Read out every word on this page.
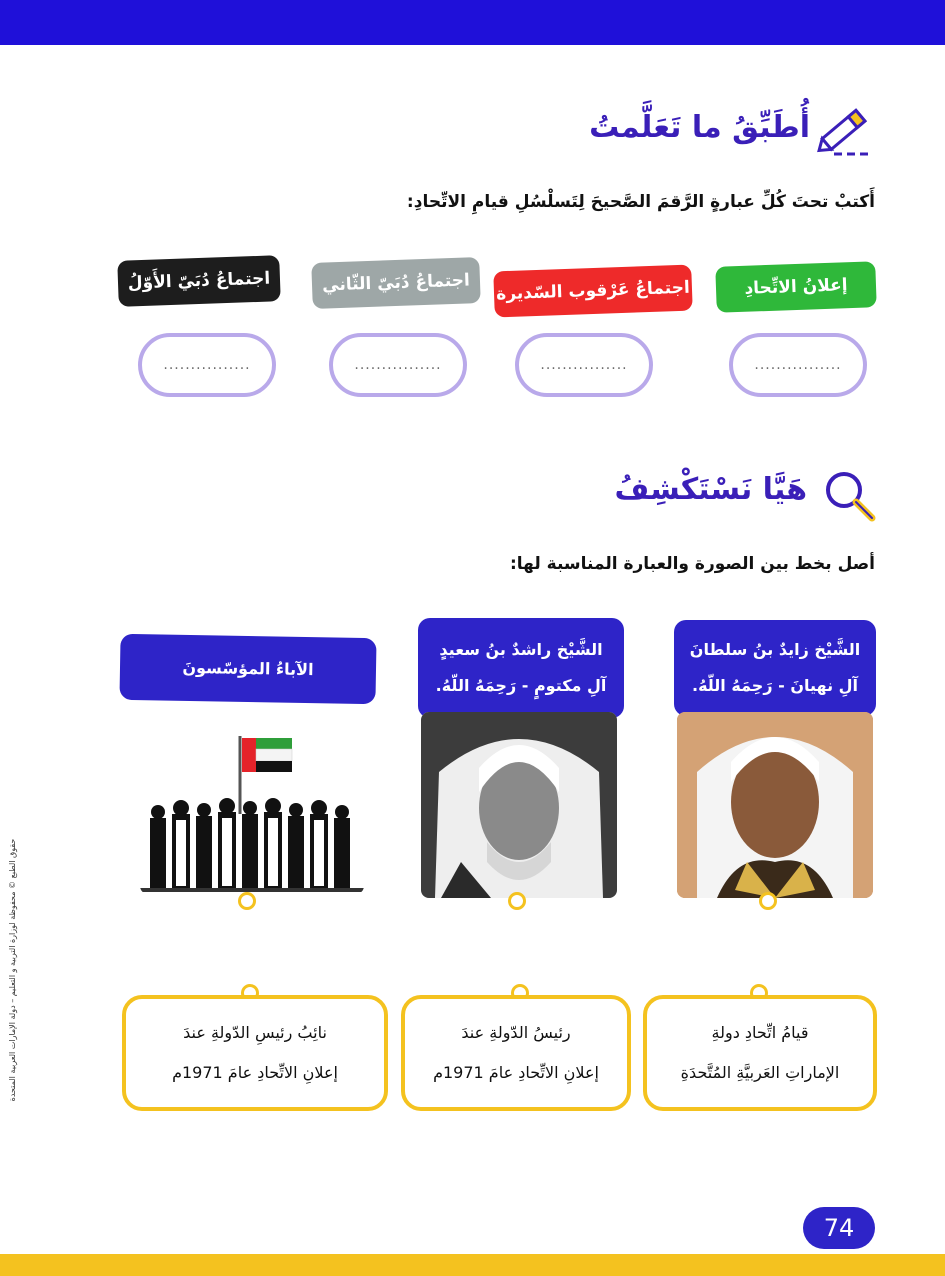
أُطَبِّقُ ما تَعَلَّمتُ
أَكتبْ تحتَ كُلِّ عبارةٍ الرَّقمَ الصَّحيحَ لِتَسلْسُلِ قيامِ الاتِّحادِ:
إعلانُ الاتِّحادِ
اجتماعُ عَرْقوب السّديرة
اجتماعُ دُبَيّ الثّاني
اجتماعُ دُبَيّ الأَوّلُ
................
................
................
................
هَيَّا نَسْتَكْشِفُ
أصل بخط بين الصورة والعبارة المناسبة لها:
الشَّيْخ زايدٌ بنُ سلطانَ
آلِ نهيانَ - رَحِمَهُ اللّهُ.
الشَّيْخ راشدٌ بنُ سعيدٍ
آلِ مكتومٍ - رَحِمَهُ اللّهُ.
الآباءُ المؤسّسونَ
قيامُ اتِّحادِ دولةِ
الإماراتِ العَربيَّةِ المُتَّحدَةِ
رئيسُ الدّولةِ عندَ
إعلانِ الاتِّحادِ عامَ 1971م
نائِبُ رئيسِ الدّولةِ عندَ
إعلانِ الاتِّحادِ عامَ 1971م
حقوق الطبع © محفوظة لوزارة التربية و التعليم – دولة الإمارات العربية المتحدة
74
